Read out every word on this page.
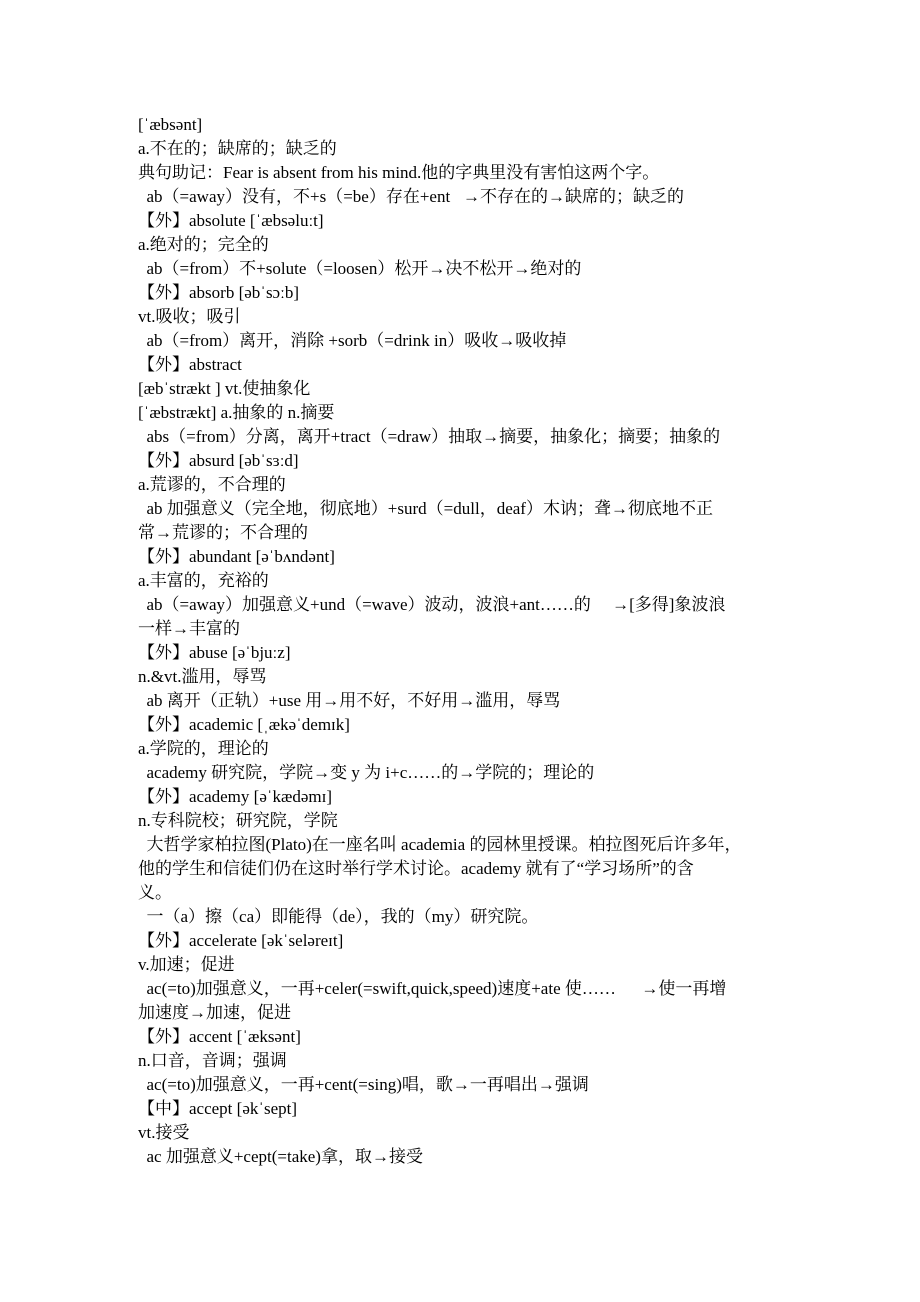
[ˈæbsənt]
a.不在的；缺席的；缺乏的
典句助记：Fear is absent from his mind.他的字典里没有害怕这两个字。
ab（=away）没有，不+s（=be）存在+ent   →不存在的→缺席的；缺乏的
【外】absolute [ˈæbsəluːt]
a.绝对的；完全的
ab（=from）不+solute（=loosen）松开→决不松开→绝对的
【外】absorb [əbˈsɔːb]
vt.吸收；吸引
ab（=from）离开，消除 +sorb（=drink in）吸收→吸收掉
【外】abstract
[æbˈstrækt ] vt.使抽象化
[ˈæbstrækt] a.抽象的 n.摘要
abs（=from）分离，离开+tract（=draw）抽取→摘要，抽象化；摘要；抽象的
【外】absurd [əbˈsɜːd]
a.荒谬的，不合理的
ab 加强意义（完全地，彻底地）+surd（=dull，deaf）木讷；聋→彻底地不正
常→荒谬的；不合理的
【外】abundant [əˈbʌndənt]
a.丰富的，充裕的
ab（=away）加强意义+und（=wave）波动，波浪+ant……的     →[多得]象波浪
一样→丰富的
【外】abuse [əˈbjuːz]
n.&vt.滥用，辱骂
ab 离开（正轨）+use 用→用不好，不好用→滥用，辱骂
【外】academic [ˌækəˈdemɪk]
a.学院的，理论的
academy 研究院，学院→变 y 为 i+c……的→学院的；理论的
【外】academy [əˈkædəmɪ]
n.专科院校；研究院，学院
大哲学家柏拉图(Plato)在一座名叫 academia 的园林里授课。柏拉图死后许多年，
他的学生和信徒们仍在这时举行学术讨论。academy 就有了“学习场所”的含
义。
一（a）擦（ca）即能得（de），我的（my）研究院。
【外】accelerate [əkˈseləreɪt]
v.加速；促进
ac(=to)加强意义，一再+celer(=swift,quick,speed)速度+ate 使……      →使一再增
加速度→加速，促进
【外】accent [ˈæksənt]
n.口音，音调；强调
ac(=to)加强意义，一再+cent(=sing)唱，歌→一再唱出→强调
【中】accept [əkˈsept]
vt.接受
ac 加强意义+cept(=take)拿，取→接受
